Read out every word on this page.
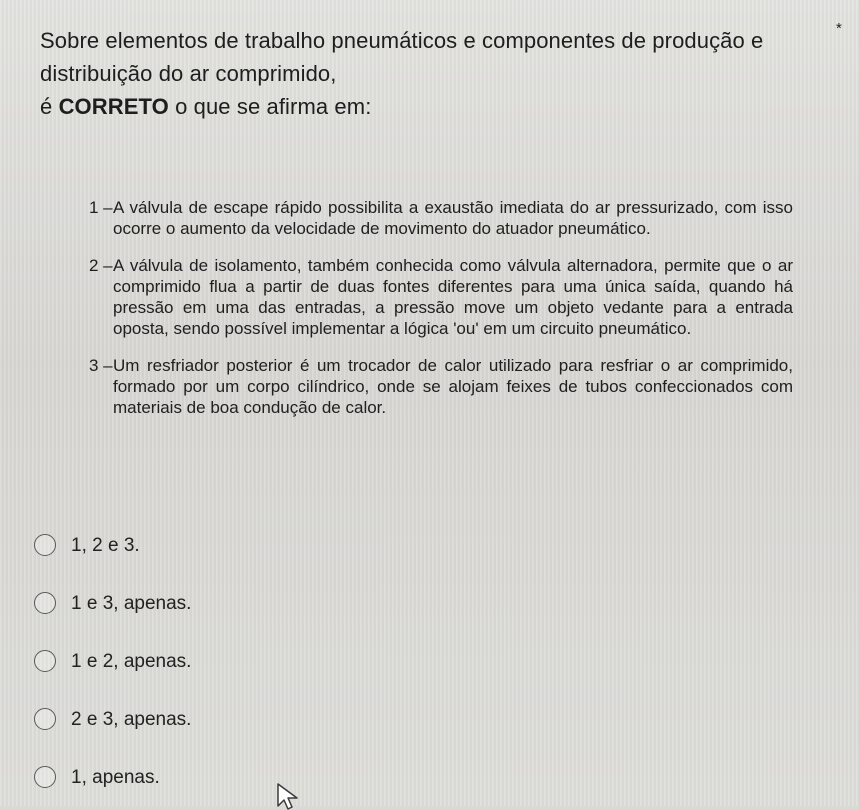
Sobre elementos de trabalho pneumáticos e componentes de produção e

distribuição do ar comprimido,

é CORRETO o que se afirma em:

*
1 – A válvula de escape rápido possibilita a exaustão imediata do ar pressurizado, com isso ocorre o aumento da velocidade de movimento do atuador pneumático.
2 – A válvula de isolamento, também conhecida como válvula alternadora, permite que o ar comprimido flua a partir de duas fontes diferentes para uma única saída, quando há pressão em uma das entradas, a pressão move um objeto vedante para a entrada oposta, sendo possível implementar a lógica 'ou' em um circuito pneumático.
3 – Um resfriador posterior é um trocador de calor utilizado para resfriar o ar comprimido, formado por um corpo cilíndrico, onde se alojam feixes de tubos confeccionados com materiais de boa condução de calor.
1, 2 e 3.
1 e 3, apenas.
1 e 2, apenas.
2 e 3, apenas.
1, apenas.
